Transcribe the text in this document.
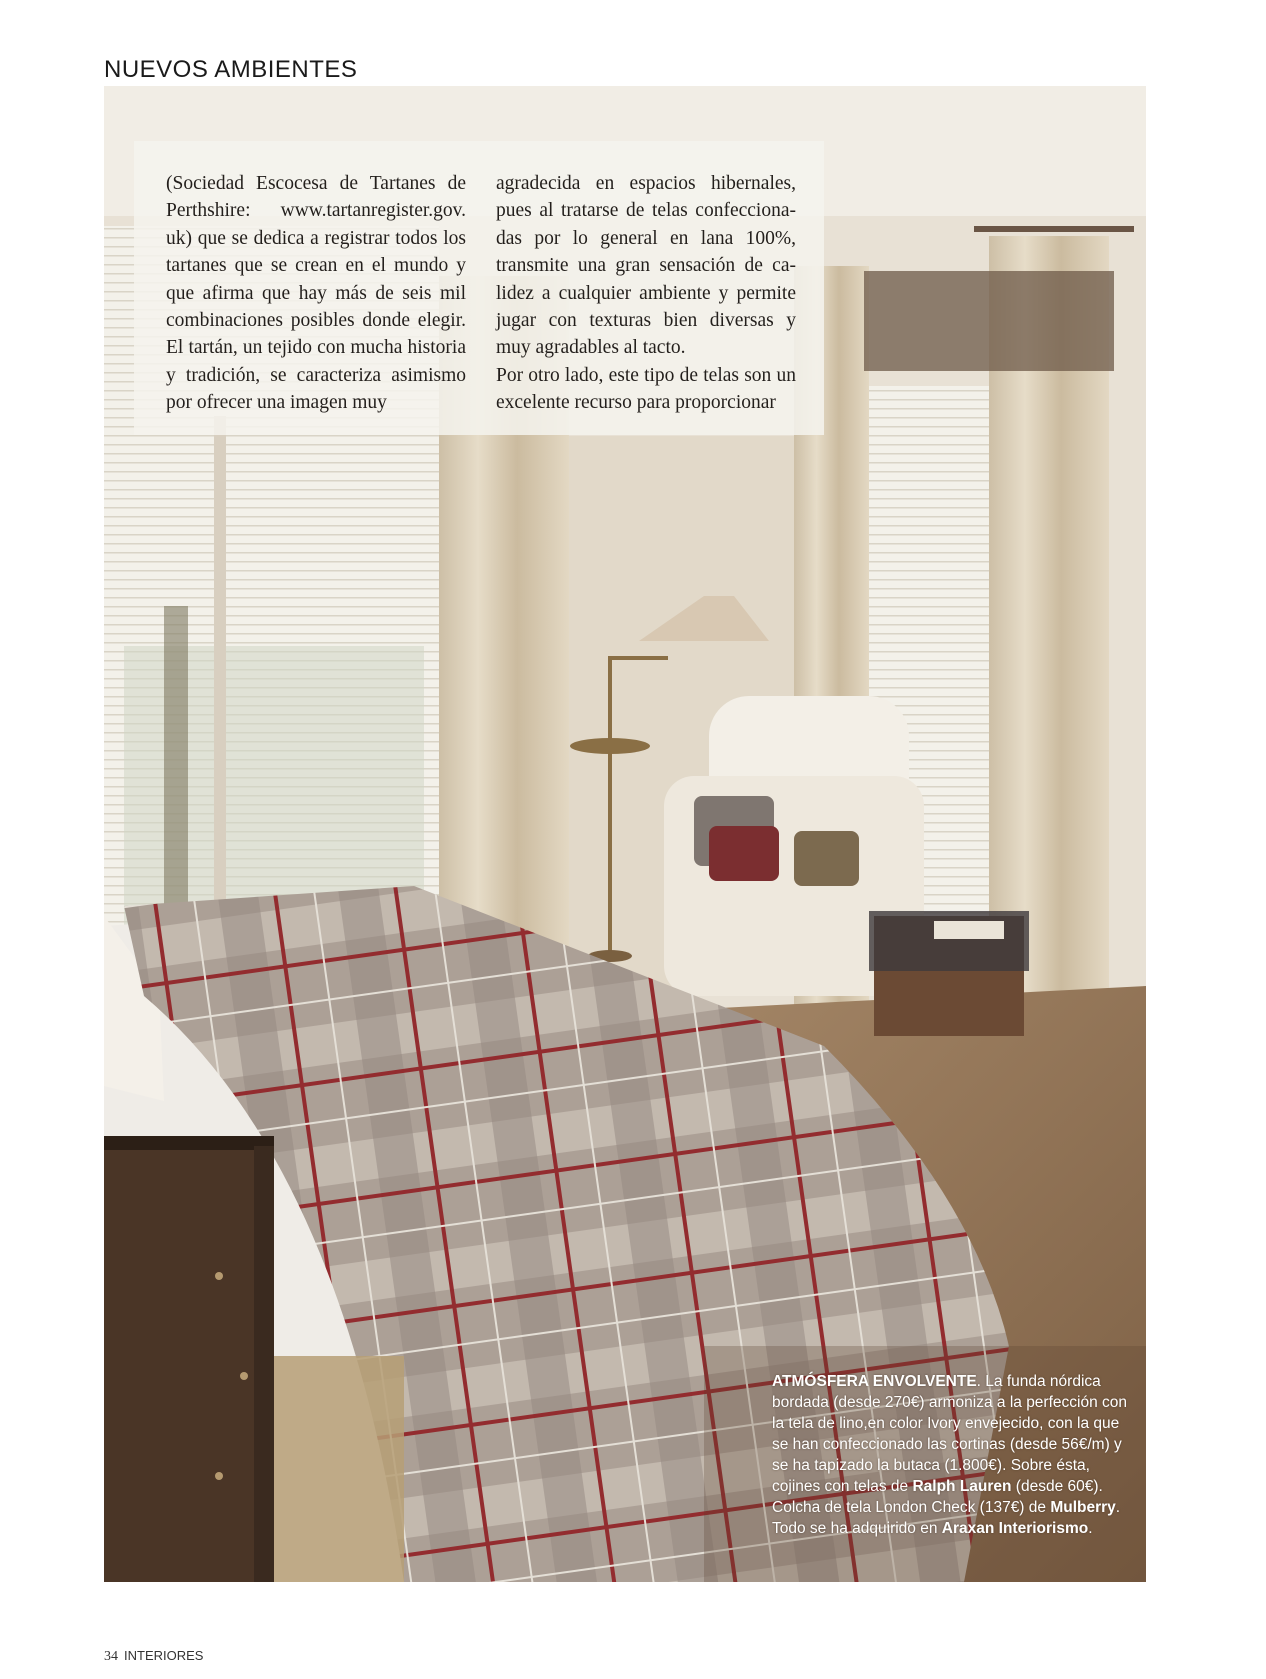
NUEVOS AMBIENTES

(Sociedad Escocesa de Tartanes de Perthshire: www.tartanregister.gov. uk) que se dedica a registrar todos los tartanes que se crean en el mundo y que afirma que hay más de seis mil combinaciones posibles donde elegir. El tartán, un tejido con mucha historia y tradición, se caracteriza asimismo por ofrecer una imagen muy

agradecida en espacios hibernales, pues al tratarse de telas confeccionadas por lo general en lana 100%, transmite una gran sensación de calidez a cualquier ambiente y permite jugar con texturas bien diversas y muy agradables al tacto.

Por otro lado, este tipo de telas son un excelente recurso para proporcionar

ATMÓSFERA ENVOLVENTE. La funda nórdica bordada (desde 270€) armoniza a la perfección con la tela de lino,en color Ivory envejecido, con la que se han confeccionado las cortinas (desde 56€/m) y se ha tapizado la butaca (1.800€). Sobre ésta, cojines con telas de Ralph Lauren (desde 60€). Colcha de tela London Check (137€) de Mulberry. Todo se ha adquirido en Araxan Interiorismo.
34 INTERIORES
